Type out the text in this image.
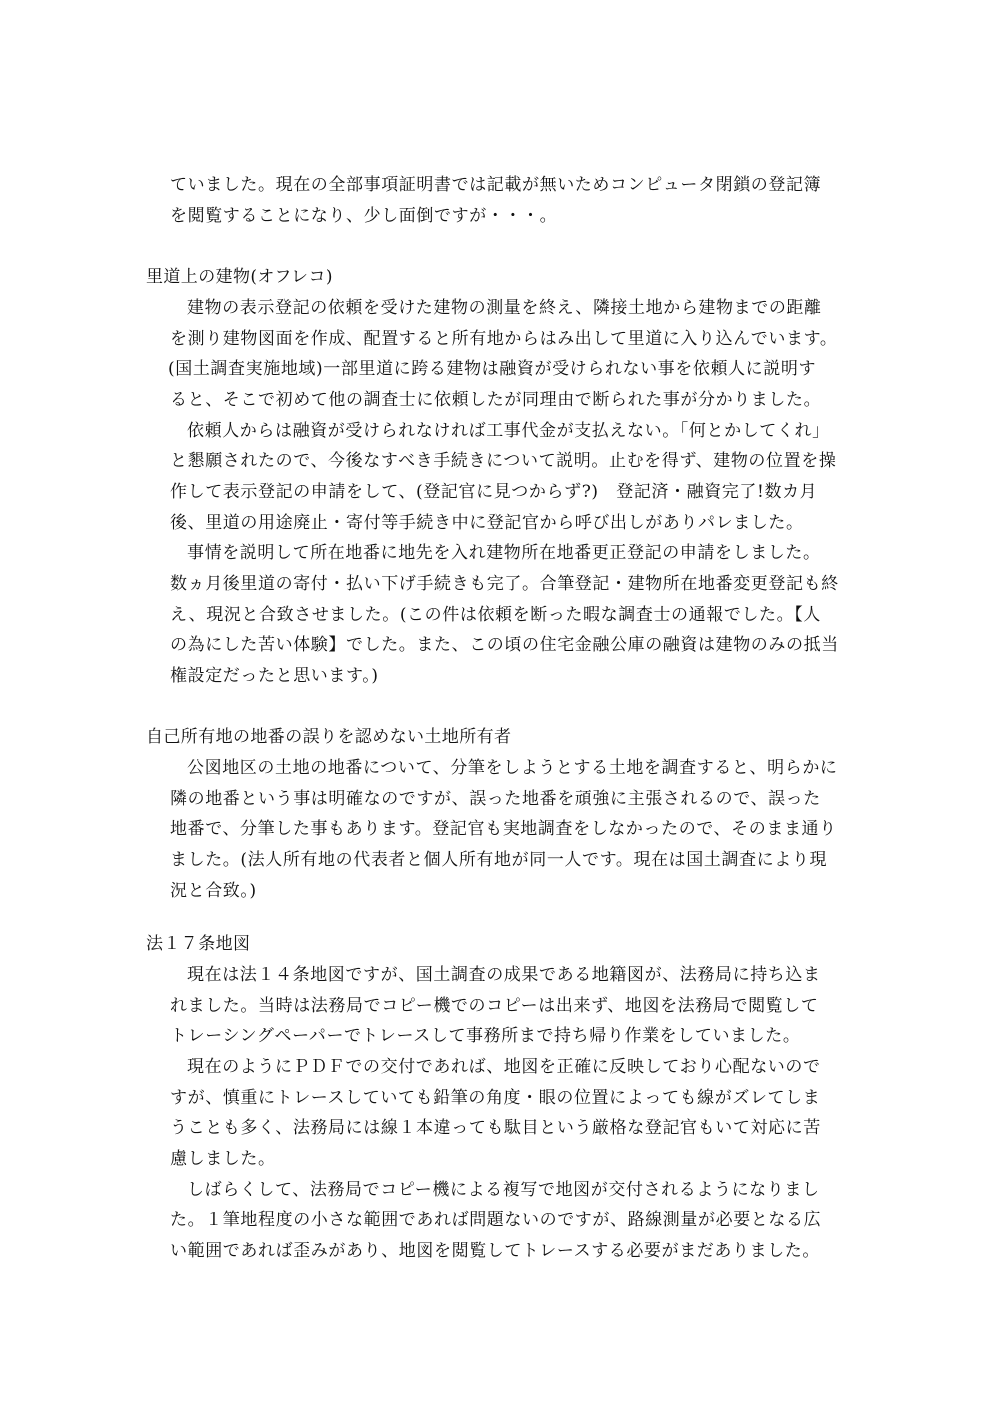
ていました。現在の全部事項証明書では記載が無いためコンピュータ閉鎖の登記簿
を閲覧することになり、少し面倒ですが・・・。
里道上の建物(オフレコ)
建物の表示登記の依頼を受けた建物の測量を終え、隣接土地から建物までの距離
を測り建物図面を作成、配置すると所有地からはみ出して里道に入り込んでいます。
(国土調査実施地域)一部里道に跨る建物は融資が受けられない事を依頼人に説明す
ると、そこで初めて他の調査士に依頼したが同理由で断られた事が分かりました。
依頼人からは融資が受けられなければ工事代金が支払えない。「何とかしてくれ」
と懇願されたので、今後なすべき手続きについて説明。止むを得ず、建物の位置を操
作して表示登記の申請をして、(登記官に見つからず?)　登記済・融資完了!数カ月
後、里道の用途廃止・寄付等手続き中に登記官から呼び出しがありパレました。
事情を説明して所在地番に地先を入れ建物所在地番更正登記の申請をしました。
数ヵ月後里道の寄付・払い下げ手続きも完了。合筆登記・建物所在地番変更登記も終
え、現況と合致させました。(この件は依頼を断った暇な調査士の通報でした。【人
の為にした苦い体験】でした。また、この頃の住宅金融公庫の融資は建物のみの抵当
権設定だったと思います。)
自己所有地の地番の誤りを認めない土地所有者
公図地区の土地の地番について、分筆をしようとする土地を調査すると、明らかに
隣の地番という事は明確なのですが、誤った地番を頑強に主張されるので、誤った
地番で、分筆した事もあります。登記官も実地調査をしなかったので、そのまま通り
ました。(法人所有地の代表者と個人所有地が同一人です。現在は国土調査により現
況と合致。)
法１７条地図
現在は法１４条地図ですが、国土調査の成果である地籍図が、法務局に持ち込ま
れました。当時は法務局でコピー機でのコピーは出来ず、地図を法務局で閲覧して
トレーシングペーパーでトレースして事務所まで持ち帰り作業をしていました。
現在のようにＰＤＦでの交付であれば、地図を正確に反映しており心配ないので
すが、慎重にトレースしていても鉛筆の角度・眼の位置によっても線がズレてしま
うことも多く、法務局には線１本違っても駄目という厳格な登記官もいて対応に苦
慮しました。
しばらくして、法務局でコピー機による複写で地図が交付されるようになりまし
た。１筆地程度の小さな範囲であれば問題ないのですが、路線測量が必要となる広
い範囲であれば歪みがあり、地図を閲覧してトレースする必要がまだありました。
